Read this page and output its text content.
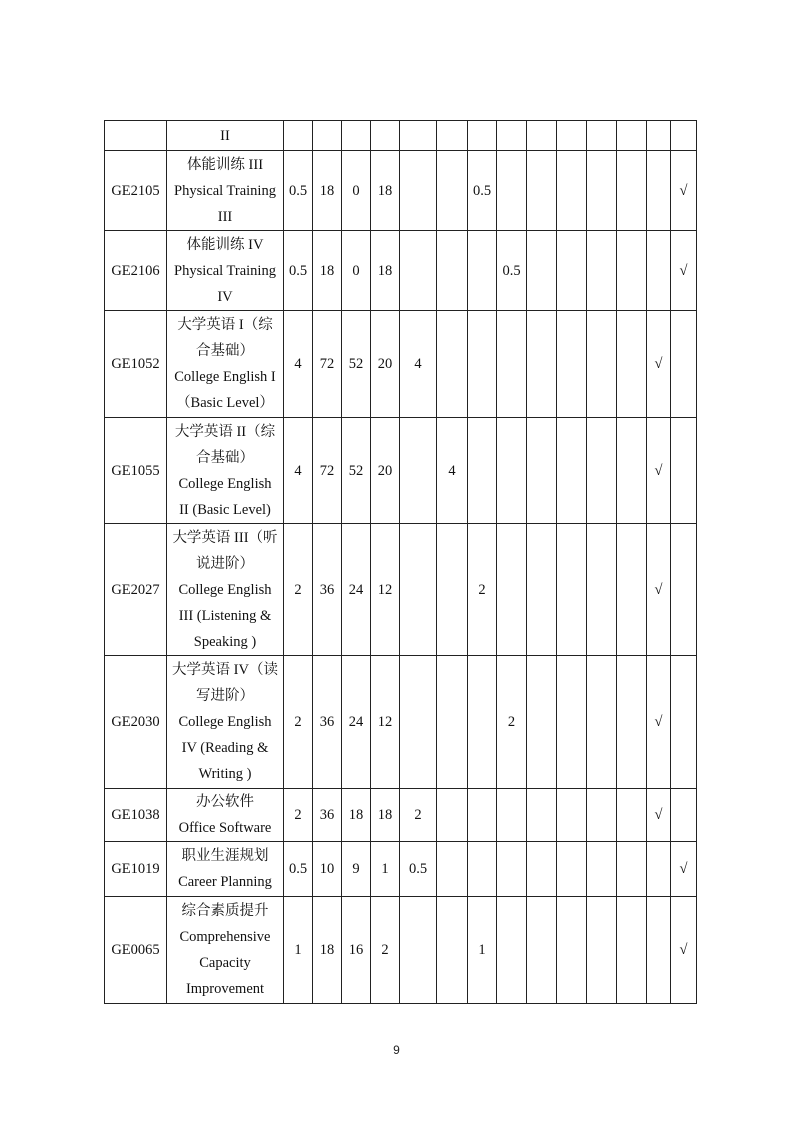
	II														

GE2105	体能训练 III
Physical Training
III	0.5	18	0	18			0.5							√
GE2106	体能训练 IV
Physical Training
IV	0.5	18	0	18				0.5						√
GE1052	大学英语 I（综
合基础）
College English I
（Basic Level）	4	72	52	20	4								√	
GE1055	大学英语 II（综
合基础）
College English
II (Basic Level)	4	72	52	20		4							√	
GE2027	大学英语 III（听
说进阶）
College English
III (Listening &
Speaking )	2	36	24	12			2						√	
GE2030	大学英语 IV（读
写进阶）
College English
IV (Reading &
Writing )	2	36	24	12				2					√	
GE1038	办公软件
Office Software	2	36	18	18	2								√	
GE1019	职业生涯规划
Career Planning	0.5	10	9	1	0.5									√
GE0065	综合素质提升
Comprehensive
Capacity
Improvement	1	18	16	2			1							√
9
